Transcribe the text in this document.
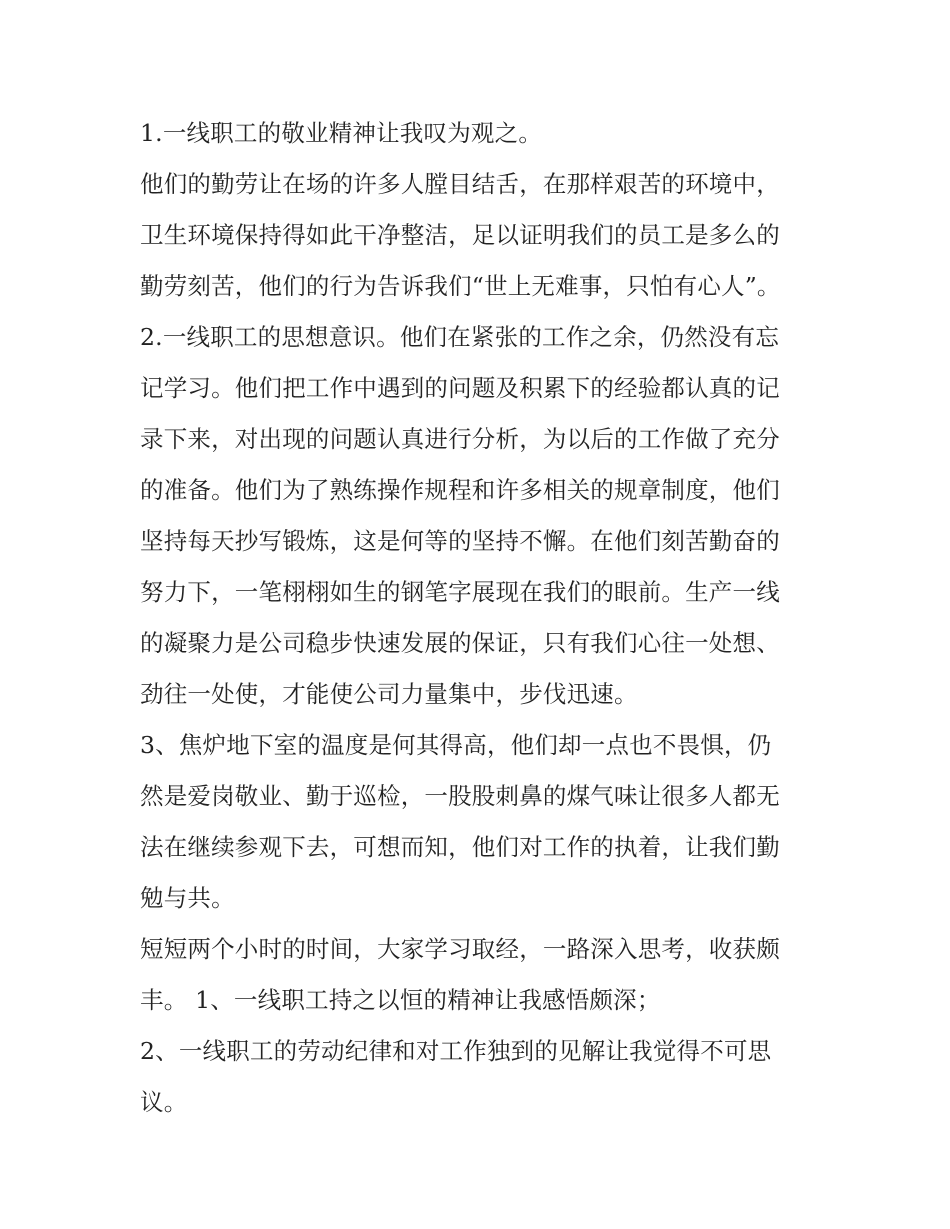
1.一线职工的敬业精神让我叹为观之。
他们的勤劳让在场的许多人膛目结舌，在那样艰苦的环境中，
卫生环境保持得如此干净整洁，足以证明我们的员工是多么的
勤劳刻苦，他们的行为告诉我们“世上无难事，只怕有心人”。
2.一线职工的思想意识。他们在紧张的工作之余，仍然没有忘
记学习。他们把工作中遇到的问题及积累下的经验都认真的记
录下来，对出现的问题认真进行分析，为以后的工作做了充分
的准备。他们为了熟练操作规程和许多相关的规章制度，他们
坚持每天抄写锻炼，这是何等的坚持不懈。在他们刻苦勤奋的
努力下，一笔栩栩如生的钢笔字展现在我们的眼前。生产一线
的凝聚力是公司稳步快速发展的保证，只有我们心往一处想、
劲往一处使，才能使公司力量集中，步伐迅速。
3、焦炉地下室的温度是何其得高，他们却一点也不畏惧，仍
然是爱岗敬业、勤于巡检，一股股刺鼻的煤气味让很多人都无
法在继续参观下去，可想而知，他们对工作的执着，让我们勤
勉与共。
短短两个小时的时间，大家学习取经，一路深入思考，收获颇
丰。 1、一线职工持之以恒的精神让我感悟颇深；
2、一线职工的劳动纪律和对工作独到的见解让我觉得不可思
议。
